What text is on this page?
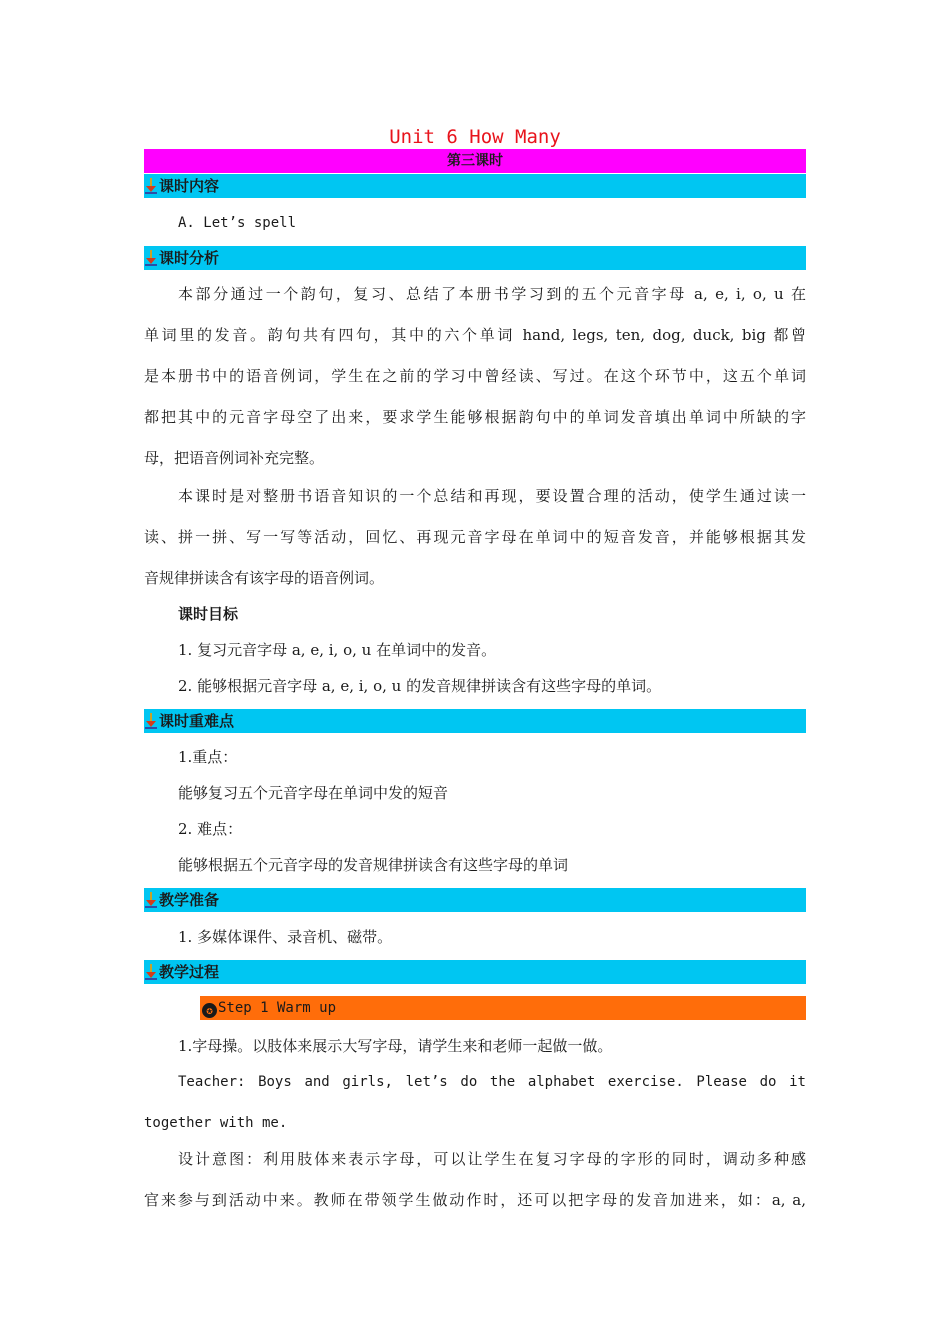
Unit 6 How Many
第三课时
课时内容
A. Let’s spell
课时分析
本部分通过一个韵句，复习、总结了本册书学习到的五个元音字母 a, e, i, o, u 在
单词里的发音。韵句共有四句，其中的六个单词 hand, legs, ten, dog, duck, big 都曾
是本册书中的语音例词，学生在之前的学习中曾经读、写过。在这个环节中，这五个单词
都把其中的元音字母空了出来，要求学生能够根据韵句中的单词发音填出单词中所缺的字
母，把语音例词补充完整。
本课时是对整册书语音知识的一个总结和再现，要设置合理的活动，使学生通过读一
读、拼一拼、写一写等活动，回忆、再现元音字母在单词中的短音发音，并能够根据其发
音规律拼读含有该字母的语音例词。
课时目标
1. 复习元音字母 a, e, i, o, u 在单词中的发音。
2. 能够根据元音字母 a, e, i, o, u 的发音规律拼读含有这些字母的单词。
课时重难点
1.重点：
能够复习五个元音字母在单词中发的短音
2. 难点：
能够根据五个元音字母的发音规律拼读含有这些字母的单词
教学准备
1. 多媒体课件、录音机、磁带。
教学过程
✪ Step 1 Warm up
1.字母操。以肢体来展示大写字母，请学生来和老师一起做一做。
Teacher: Boys and girls, let’s do the alphabet exercise. Please do it
together with me.
设计意图：利用肢体来表示字母，可以让学生在复习字母的字形的同时，调动多种感
官来参与到活动中来。教师在带领学生做动作时，还可以把字母的发音加进来，如：a, a,
